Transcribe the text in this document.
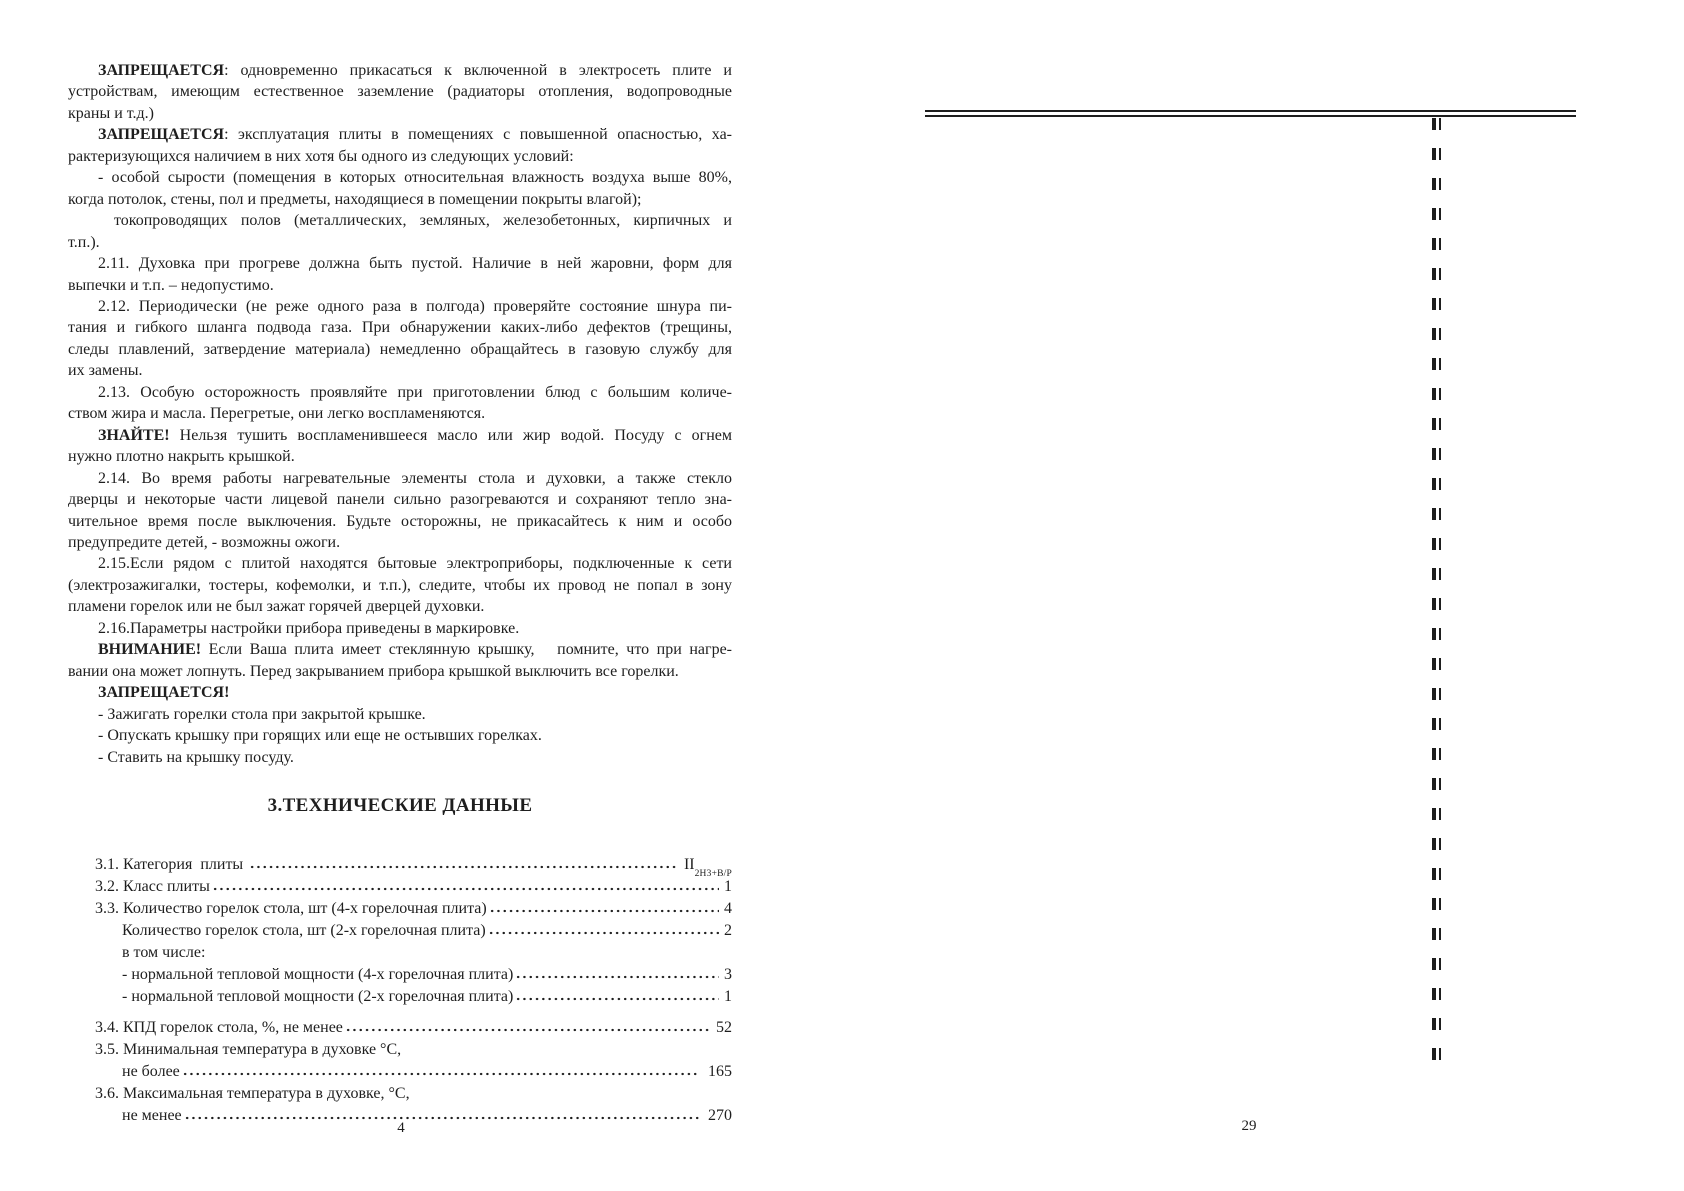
ЗАПРЕЩАЕТСЯ: одновременно прикасаться к включенной в электросеть плите и
устройствам, имеющим естественное заземление (радиаторы отопления, водопроводные
краны и т.д.)
ЗАПРЕЩАЕТСЯ: эксплуатация плиты в помещениях с повышенной опасностью, ха-
рактеризующихся наличием в них хотя бы одного из следующих условий:
- особой сырости (помещения в которых относительная влажность воздуха выше 80%,
когда потолок, стены, пол и предметы, находящиеся в помещении покрыты влагой);
токопроводящих полов (металлических, земляных, железобетонных, кирпичных и
т.п.).
2.11. Духовка при прогреве должна быть пустой. Наличие в ней жаровни, форм для
выпечки и т.п. – недопустимо.
2.12. Периодически (не реже одного раза в полгода) проверяйте состояние шнура пи-
тания и гибкого шланга подвода газа. При обнаружении каких-либо дефектов (трещины,
следы плавлений, затвердение материала) немедленно обращайтесь в газовую службу для
их замены.
2.13. Особую осторожность проявляйте при приготовлении блюд с большим количе-
ством жира и масла. Перегретые, они легко воспламеняются.
ЗНАЙТЕ! Нельзя тушить воспламенившееся масло или жир водой. Посуду с огнем
нужно плотно накрыть крышкой.
2.14. Во время работы нагревательные элементы стола и духовки, а также стекло
дверцы и некоторые части лицевой панели сильно разогреваются и сохраняют тепло зна-
чительное время после выключения. Будьте осторожны, не прикасайтесь к ним и особо
предупредите детей, - возможны ожоги.
2.15.Если рядом с плитой находятся бытовые электроприборы, подключенные к сети
(электрозажигалки, тостеры, кофемолки, и т.п.), следите, чтобы их провод не попал в зону
пламени горелок или не был зажат горячей дверцей духовки.
2.16.Параметры настройки прибора приведены в маркировке.
ВНИМАНИЕ! Если Ваша плита имеет стеклянную крышку,   помните, что при нагре-
вании она может лопнуть. Перед закрыванием прибора крышкой выключить все горелки.
ЗАПРЕЩАЕТСЯ!
- Зажигать горелки стола при закрытой крышке.
- Опускать крышку при горящих или еще не остывших горелках.
- Ставить на крышку посуду.
3.ТЕХНИЧЕСКИЕ ДАННЫЕ
3.1. Категория  плиты	$II_{2H3+B/P}$
3.2. Класс плиты	1
3.3. Количество горелок стола, шт (4-х горелочная плита)	4
Количество горелок стола, шт (2-х горелочная плита)	2
в том числе:
- нормальной тепловой мощности (4-х горелочная плита)	3
- нормальной тепловой мощности (2-х горелочная плита)	1
3.4. КПД горелок стола, %, не менее	52
3.5. Минимальная температура в духовке °С,
не более	165
3.6. Максимальная температура в духовке, °С,
не менее	270
4	29
